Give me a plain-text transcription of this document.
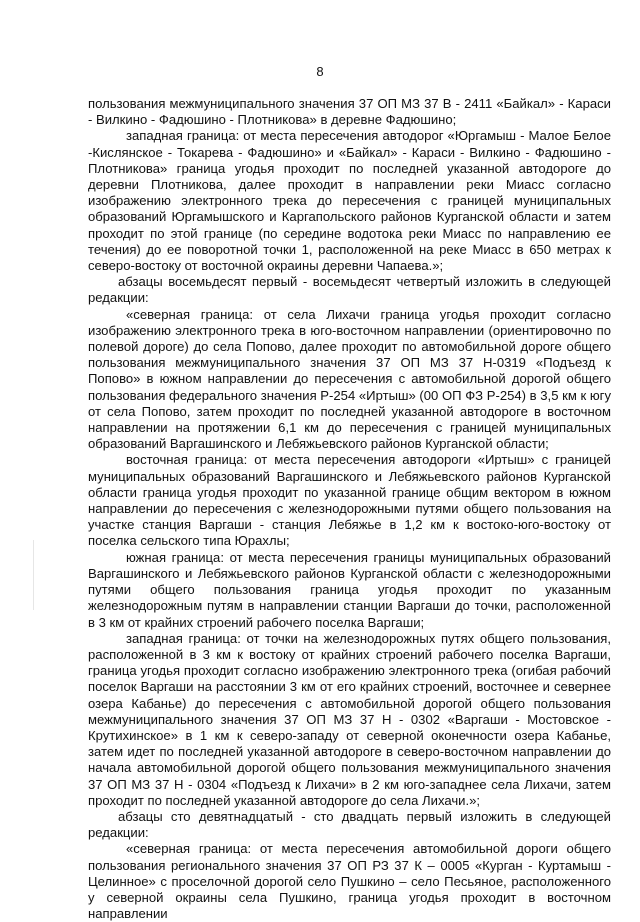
8

пользования межмуниципального значения 37 ОП МЗ 37 В - 2411 «Байкал» - Караси - Вилкино - Фадюшино - Плотникова» в деревне Фадюшино;

западная граница: от места пересечения автодорог «Юргамыш - Малое Белое -Кислянское - Токарева - Фадюшино» и «Байкал» - Караси - Вилкино - Фадюшино - Плотникова» граница угодья проходит по последней указанной автодороге до деревни Плотникова, далее проходит в направлении реки Миасс согласно изображению электронного трека до пересечения с границей муниципальных образований Юргамышского и Каргапольского районов Курганской области и затем проходит по этой границе (по середине водотока реки Миасс по направлению ее течения) до ее поворотной точки 1, расположенной на реке Миасс в 650 метрах к северо-востоку от восточной окраины деревни Чапаева.»;

абзацы восемьдесят первый - восемьдесят четвертый изложить в следующей редакции:

«северная граница: от села Лихачи граница угодья проходит согласно изображению электронного трека в юго-восточном направлении (ориентировочно по полевой дороге) до села Попово, далее проходит по автомобильной дороге общего пользования межмуниципального значения 37 ОП МЗ 37 Н-0319 «Подъезд к Попово» в южном направлении до пересечения с автомобильной дорогой общего пользования федерального значения Р-254 «Иртыш» (00 ОП ФЗ Р-254) в 3,5 км к югу от села Попово, затем проходит по последней указанной автодороге в восточном направлении на протяжении 6,1 км до пересечения с границей муниципальных образований Варгашинского и Лебяжьевского районов Курганской области;

восточная граница: от места пересечения автодороги «Иртыш» с границей муниципальных образований Варгашинского и Лебяжьевского районов Курганской области граница угодья проходит по указанной границе общим вектором в южном направлении до пересечения с железнодорожными путями общего пользования на участке станция Варгаши - станция Лебяжье в 1,2 км к востоко-юго-востоку от поселка сельского типа Юрахлы;

южная граница: от места пересечения границы муниципальных образований Варгашинского и Лебяжьевского районов Курганской области с железнодорожными путями общего пользования граница угодья проходит по указанным железнодорожным путям в направлении станции Варгаши до точки, расположенной в 3 км от крайних строений рабочего поселка Варгаши;

западная граница: от точки на железнодорожных путях общего пользования, расположенной в 3 км к востоку от крайних строений рабочего поселка Варгаши, граница угодья проходит согласно изображению электронного трека (огибая рабочий поселок Варгаши на расстоянии 3 км от его крайних строений, восточнее и севернее озера Кабанье) до пересечения с автомобильной дорогой общего пользования межмуниципального значения 37 ОП МЗ 37 Н - 0302 «Варгаши - Мостовское - Крутихинское» в 1 км к северо-западу от северной оконечности озера Кабанье, затем идет по последней указанной автодороге в северо-восточном направлении до начала автомобильной дорогой общего пользования межмуниципального значения 37 ОП МЗ 37 Н - 0304 «Подъезд к Лихачи» в 2 км юго-западнее села Лихачи, затем проходит по последней указанной автодороге до села Лихачи.»;

абзацы сто девятнадцатый - сто двадцать первый изложить в следующей редакции:

«северная граница: от места пересечения автомобильной дороги общего пользования регионального значения 37 ОП РЗ 37 К – 0005 «Курган - Куртамыш - Целинное» с проселочной дорогой село Пушкино – село Песьяное, расположенного у северной окраины села Пушкино, граница угодья проходит в восточном направлении
